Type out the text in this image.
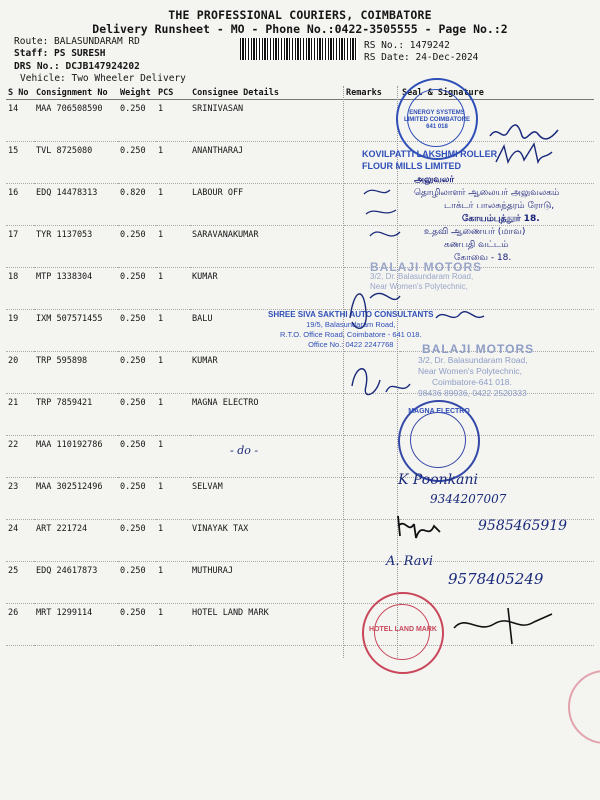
THE PROFESSIONAL COURIERS, COIMBATORE
Delivery Runsheet - MO - Phone No.:0422-3505555 - Page No.:2
Route: BALASUNDARAM RD
Staff: PS SURESH
DRS No.: DCJB147924202
Vehicle: Two Wheeler Delivery
RS No.: 1479242
RS Date: 24-Dec-2024
S No	Consignment No	Weight	PCS	Consignee Details	Remarks	Seal & Signature
14	MAA 706508590	0.250	1	SRINIVASAN		
15	TVL 8725080	0.250	1	ANANTHARAJ		
16	EDQ 14478313	0.820	1	LABOUR OFF		
17	TYR 1137053	0.250	1	SARAVANAKUMAR		
18	MTP 1338304	0.250	1	KUMAR		
19	IXM 507571455	0.250	1	BALU		
20	TRP 595898	0.250	1	KUMAR		
21	TRP 7859421	0.250	1	MAGNA ELECTRO		
22	MAA 110192786	0.250	1			
23	MAA 302512496	0.250	1	SELVAM		
24	ART 221724	0.250	1	VINAYAK TAX		
25	EDQ 24617873	0.250	1	MUTHURAJ		
26	MRT 1299114	0.250	1	HOTEL LAND MARK		
ENERGY SYSTEMS LIMITED COIMBATORE 641 018
KOVILPATTI LAKSHMI ROLLER
FLOUR MILLS LIMITED
அலுவலர்
தொழிலாளர் ஆலையர் அலுவலகம்
டாக்டர் பாலசுந்தரம் ரோடு,
கோயம்புத்தூர் 18.
உதவி ஆணையர் (மாவ)
கணபதி வட்டம்
கோவை - 18.
BALAJI MOTORS
3/2, Dr. Balasundaram Road,
Near Women's Polytechnic,
SHREE SIVA SAKTHI AUTO CONSULTANTS
19/5, Balasundaram Road,
R.T.O. Office Road, Coimbatore - 641 018.
Office No.: 0422 2247768	BALAJI MOTORS
3/2, Dr. Balasundaram Road,
Near Women's Polytechnic,
Coimbatore-641 018.
98436 89936, 0422 2520333
MAGNA ELECTRO
- do -
K Poonkani
9344207007
9585465919
A. Ravi
9578405249
HOTEL LAND MARK
